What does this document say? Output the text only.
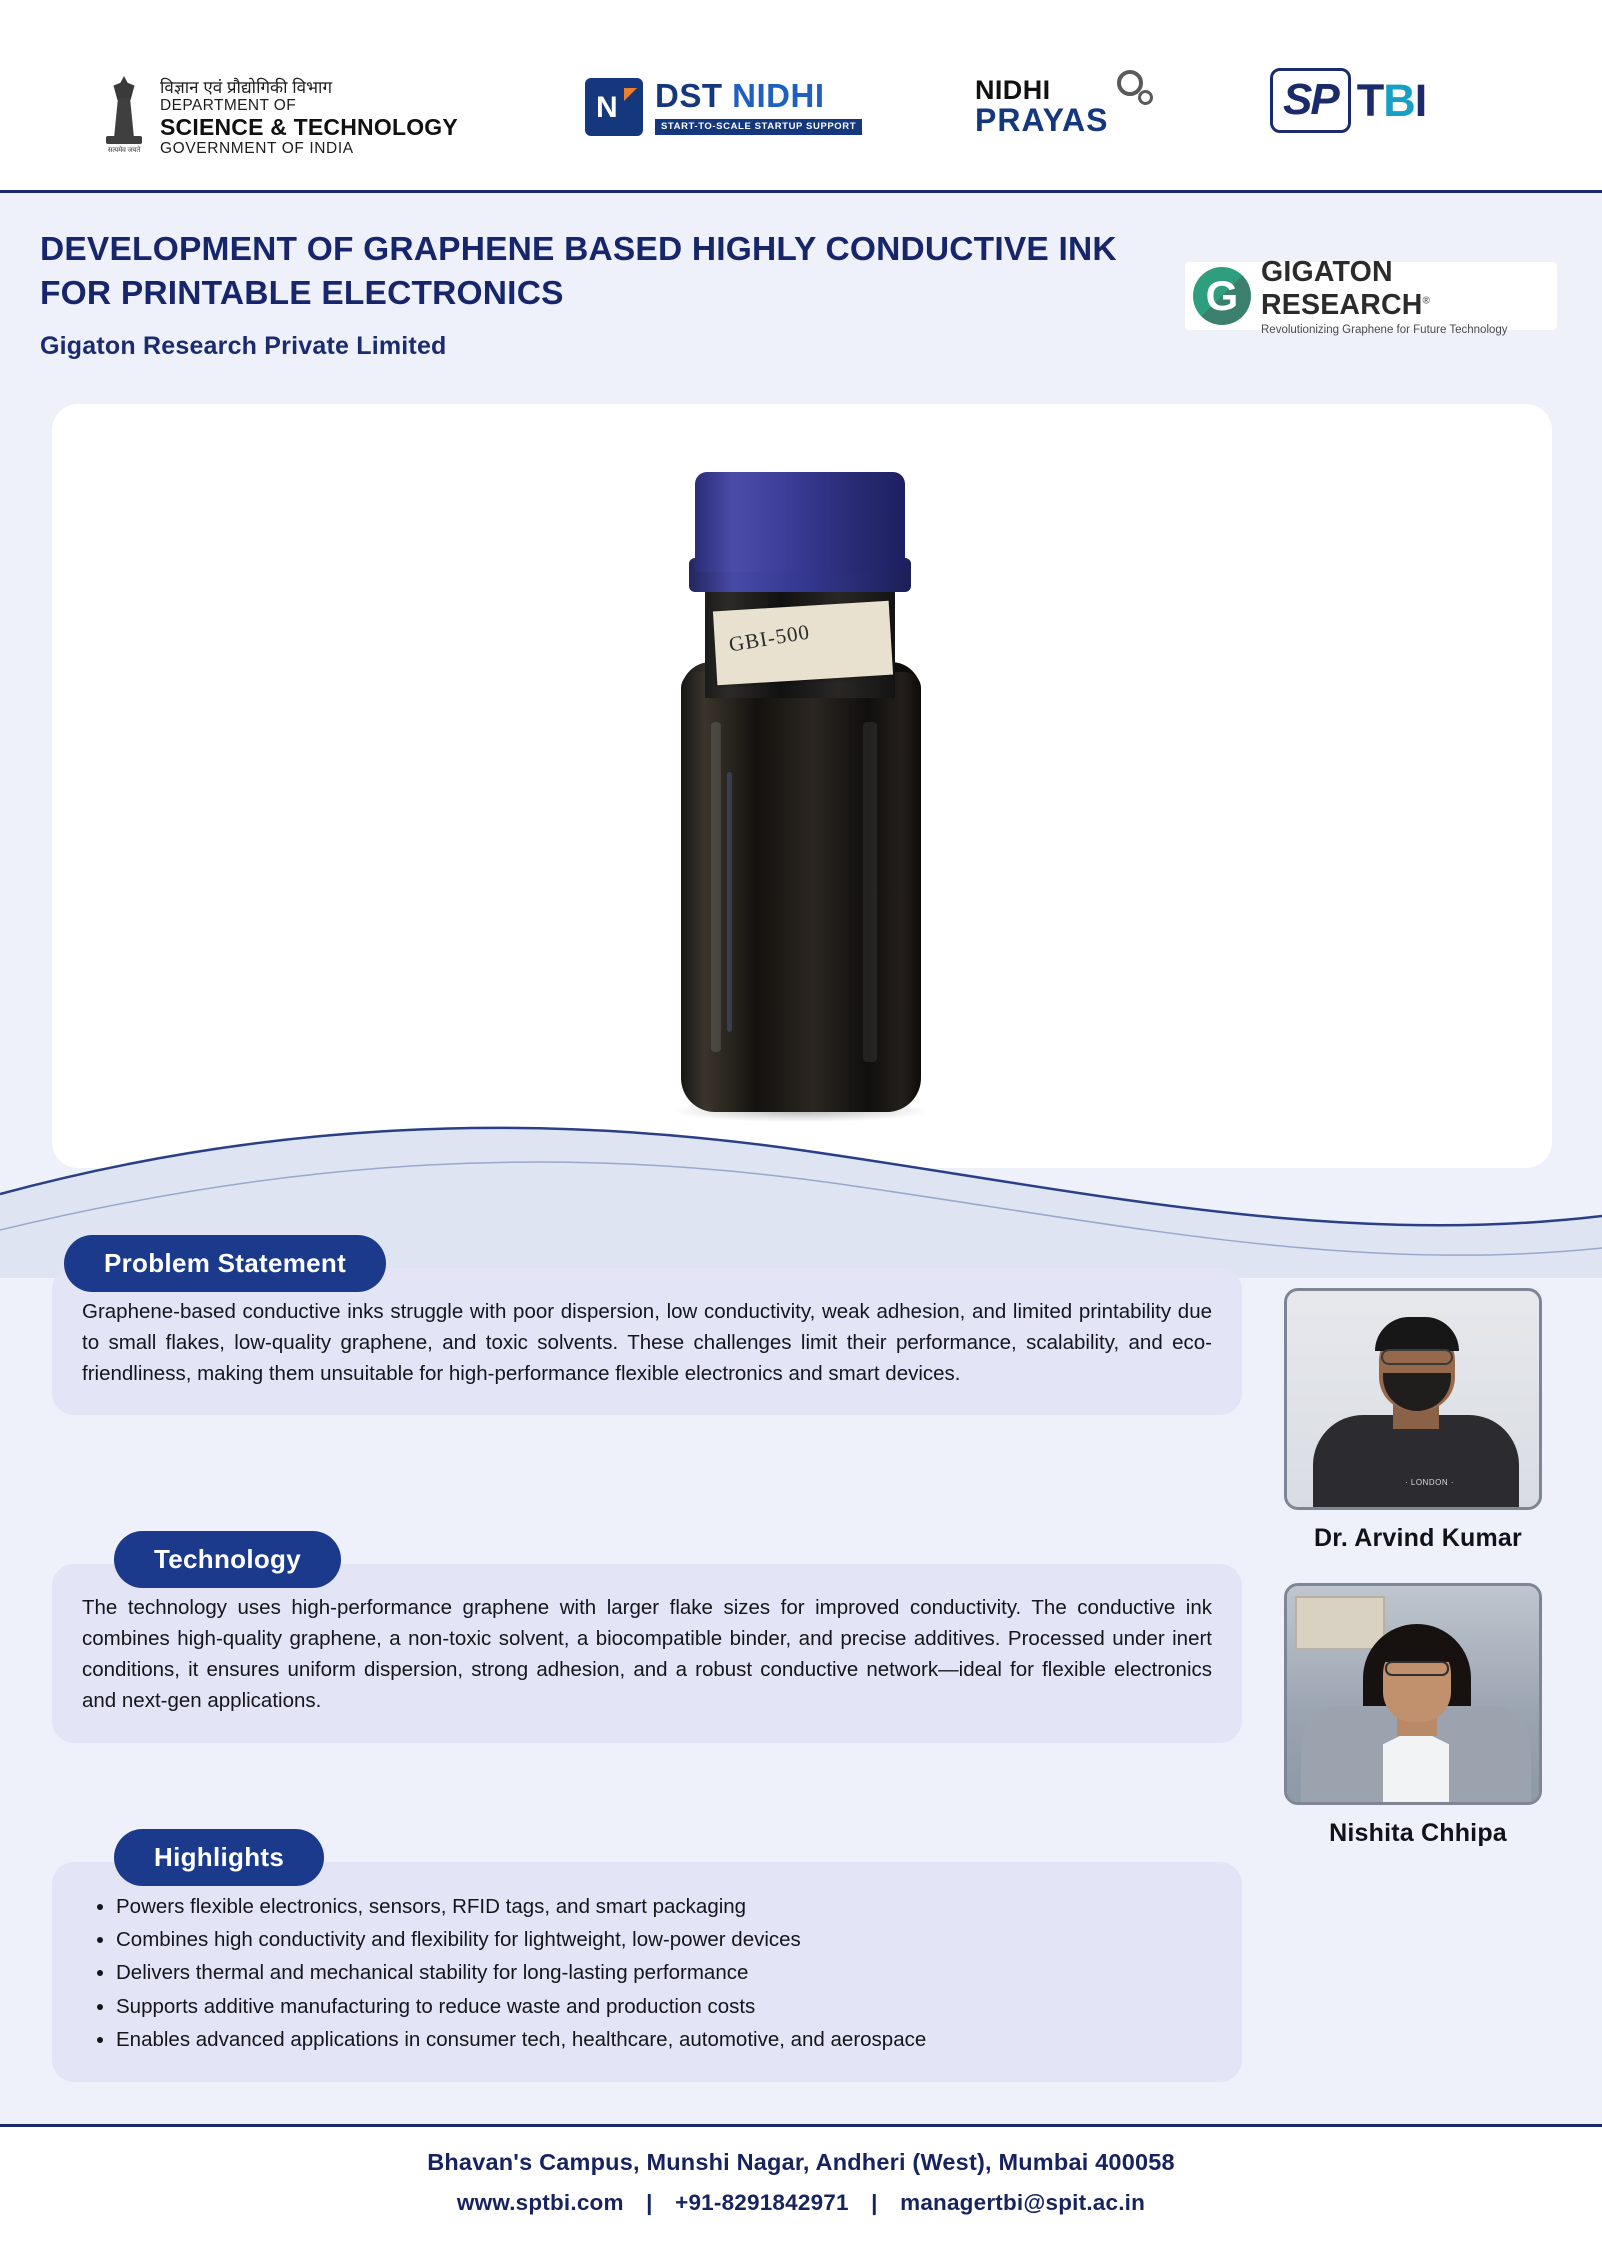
सत्यमेव जयते
विज्ञान एवं प्रौद्योगिकी विभाग
DEPARTMENT OF
SCIENCE & TECHNOLOGY
GOVERNMENT OF INDIA
N	DST NIDHI
START-TO-SCALE STARTUP SUPPORT
NIDHI
PRAYAS	SP TBI
DEVELOPMENT OF GRAPHENE BASED HIGHLY CONDUCTIVE INK FOR PRINTABLE ELECTRONICS
Gigaton Research Private Limited
G
GIGATON RESEARCH®
Revolutionizing Graphene for Future Technology
GBI-500
Problem Statement

Graphene-based conductive inks struggle with poor dispersion, low conductivity, weak adhesion, and limited printability due to small flakes, low-quality graphene, and toxic solvents. These challenges limit their performance, scalability, and eco-friendliness, making them unsuitable for high-performance flexible electronics and smart devices.

Technology

The technology uses high-performance graphene with larger flake sizes for improved conductivity. The conductive ink combines high-quality graphene, a non-toxic solvent, a biocompatible binder, and precise additives. Processed under inert conditions, it ensures uniform dispersion, strong adhesion, and a robust conductive network—ideal for flexible electronics and next-gen applications.

Highlights
• Powers flexible electronics, sensors, RFID tags, and smart packaging
• Combines high conductivity and flexibility for lightweight, low-power devices
• Delivers thermal and mechanical stability for long-lasting performance
• Supports additive manufacturing to reduce waste and production costs
• Enables advanced applications in consumer tech, healthcare, automotive, and aerospace
· LONDON ·
Dr. Arvind Kumar
Nishita Chhipa
Bhavan's Campus, Munshi Nagar, Andheri (West), Mumbai 400058
www.sptbi.com | +91-8291842971 | managertbi@spit.ac.in
